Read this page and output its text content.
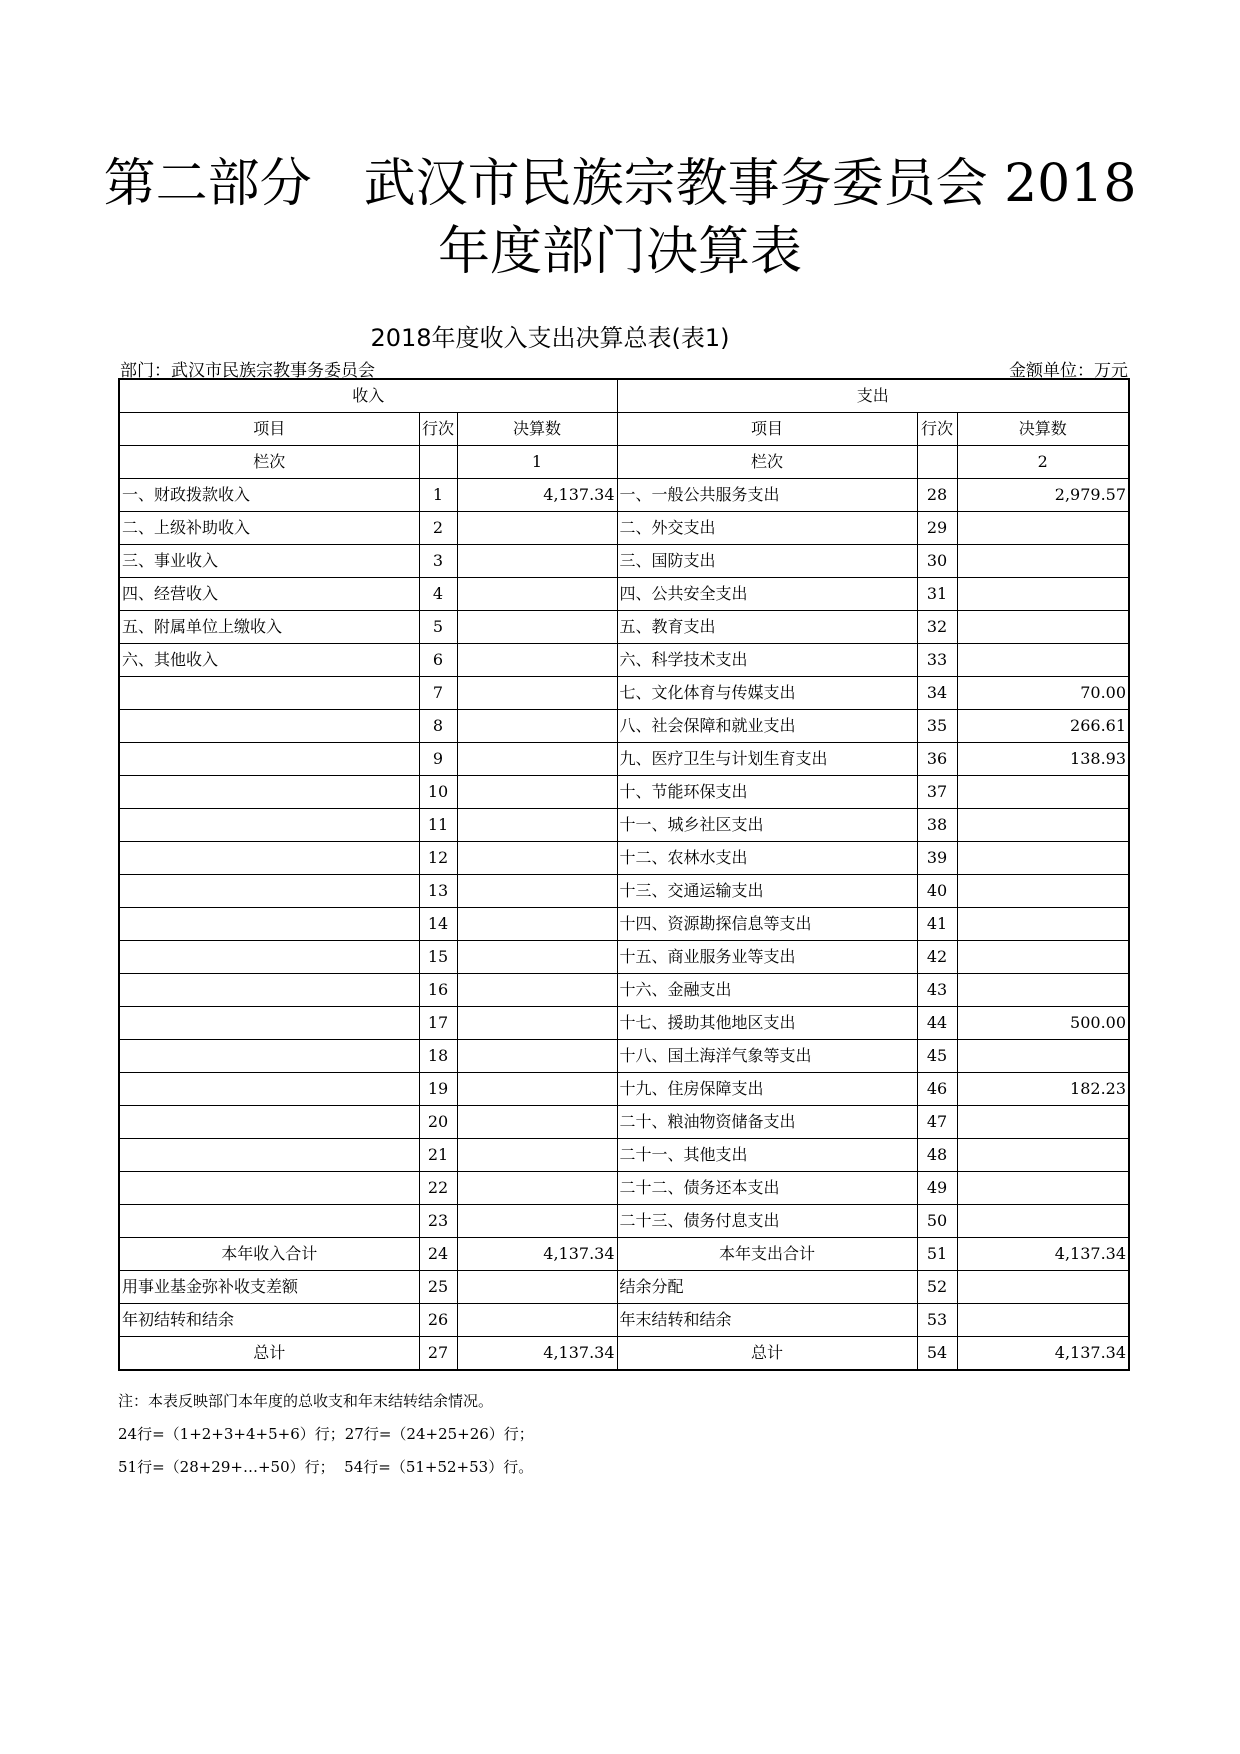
第二部分　武汉市民族宗教事务委员会 2018
年度部门决算表
2018年度收入支出决算总表(表1)
部门：武汉市民族宗教事务委员会	金额单位：万元
收入			支出		
项目	行次	决算数	项目	行次	决算数
栏次		1	栏次		2
一、财政拨款收入	1	4,137.34	一、一般公共服务支出	28	2,979.57
二、上级补助收入	2		二、外交支出	29	
三、事业收入	3		三、国防支出	30	
四、经营收入	4		四、公共安全支出	31	
五、附属单位上缴收入	5		五、教育支出	32	
六、其他收入	6		六、科学技术支出	33	
	7		七、文化体育与传媒支出	34	70.00
	8		八、社会保障和就业支出	35	266.61
	9		九、医疗卫生与计划生育支出	36	138.93
	10		十、节能环保支出	37	
	11		十一、城乡社区支出	38	
	12		十二、农林水支出	39	
	13		十三、交通运输支出	40	
	14		十四、资源勘探信息等支出	41	
	15		十五、商业服务业等支出	42	
	16		十六、金融支出	43	
	17		十七、援助其他地区支出	44	500.00
	18		十八、国土海洋气象等支出	45	
	19		十九、住房保障支出	46	182.23
	20		二十、粮油物资储备支出	47	
	21		二十一、其他支出	48	
	22		二十二、债务还本支出	49	
	23		二十三、债务付息支出	50	
本年收入合计	24	4,137.34	本年支出合计	51	4,137.34
用事业基金弥补收支差额	25		结余分配	52	
年初结转和结余	26		年末结转和结余	53	
总计	27	4,137.34	总计	54	4,137.34
注：本表反映部门本年度的总收支和年末结转结余情况。
24行=（1+2+3+4+5+6）行；27行=（24+25+26）行；
51行=（28+29+…+50）行；  54行=（51+52+53）行。
